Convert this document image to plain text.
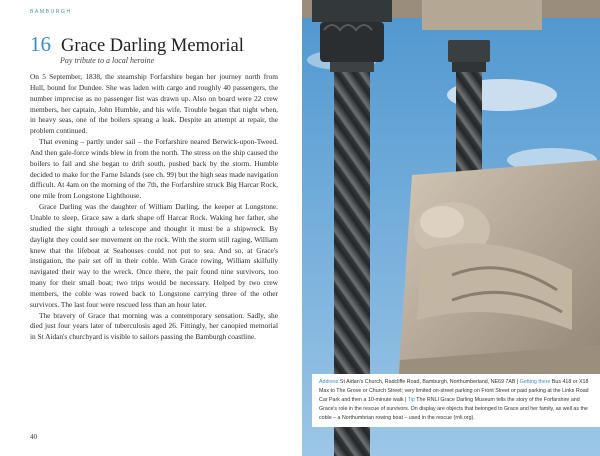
BAMBURGH
16 Grace Darling Memorial
Pay tribute to a local heroine

On 5 September, 1838, the steamship Forfarshire began her journey north from Hull, bound for Dundee. She was laden with cargo and roughly 40 passengers, the number imprecise as no passenger list was drawn up. Also on board were 22 crew members, her captain, John Humble, and his wife. Trouble began that night when, in heavy seas, one of the boilers sprang a leak. Despite an attempt at repair, the problem continued.

That evening – partly under sail – the Forfarshire neared Berwick-upon-Tweed. And then gale-force winds blew in from the north. The stress on the ship caused the boilers to fail and she began to drift south, pushed back by the storm. Humble decided to make for the Farne Islands (see ch. 99) but the high seas made navigation difficult. At 4am on the morning of the 7th, the Forfarshire struck Big Harcar Rock, one mile from Longstone Lighthouse.

Grace Darling was the daughter of William Darling, the keeper at Longstone. Unable to sleep, Grace saw a dark shape off Harcar Rock. Waking her father, she studied the sight through a telescope and thought it must be a shipwreck. By daylight they could see movement on the rock. With the storm still raging, William knew that the lifeboat at Seahouses could not put to sea. And so, at Grace's instigation, the pair set off in their coble. With Grace rowing, William skilfully navigated their way to the wreck. Once there, the pair found nine survivors, too many for their small boat; two trips would be necessary. Helped by two crew members, the coble was rowed back to Longstone carrying three of the other survivors. The last four were rescued less than an hour later.

The bravery of Grace that morning was a contemporary sensation. Sadly, she died just four years later of tuberculosis aged 26. Fittingly, her canopied memorial in St Aidan's churchyard is visible to sailors passing the Bamburgh coastline.

40

Address St Aidan's Church, Radcliffe Road, Bamburgh, Northumberland, NE69 7AB | Getting there Bus 418 or X18 Max to The Grove or Church Street; very limited on-street parking on Front Street or paid parking at the Links Road Car Park and then a 10-minute walk | Tip The RNLI Grace Darling Museum tells the story of the Forfarshire and Grace's role in the rescue of survivors. On display are objects that belonged to Grace and her family, as well as the coble – a Northumbrian rowing boat – used in the rescue (rnli.org).
